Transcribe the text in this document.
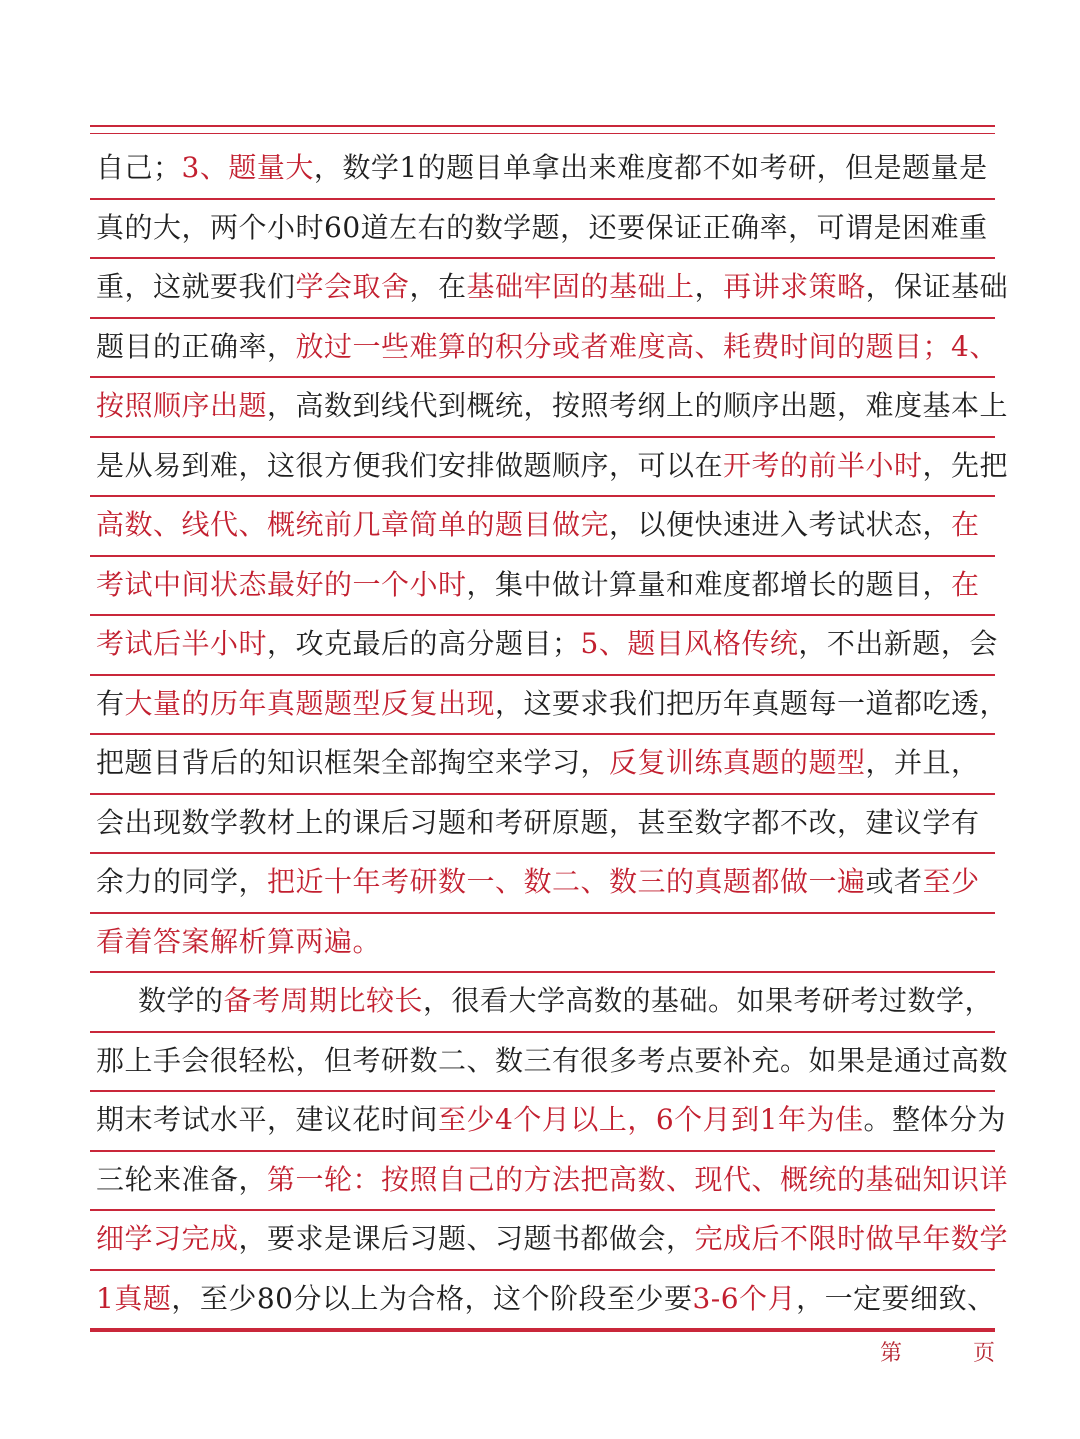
自己；3、题量大，数学1的题目单拿出来难度都不如考研，但是题量是
真的大，两个小时60道左右的数学题，还要保证正确率，可谓是困难重
重，这就要我们学会取舍，在基础牢固的基础上，再讲求策略，保证基础
题目的正确率，放过一些难算的积分或者难度高、耗费时间的题目；4、
按照顺序出题，高数到线代到概统，按照考纲上的顺序出题，难度基本上
是从易到难，这很方便我们安排做题顺序，可以在开考的前半小时，先把
高数、线代、概统前几章简单的题目做完，以便快速进入考试状态，在
考试中间状态最好的一个小时，集中做计算量和难度都增长的题目，在
考试后半小时，攻克最后的高分题目；5、题目风格传统，不出新题，会
有大量的历年真题题型反复出现，这要求我们把历年真题每一道都吃透，
把题目背后的知识框架全部掏空来学习，反复训练真题的题型，并且，
会出现数学教材上的课后习题和考研原题，甚至数字都不改，建议学有
余力的同学，把近十年考研数一、数二、数三的真题都做一遍或者至少
看着答案解析算两遍。
数学的备考周期比较长，很看大学高数的基础。如果考研考过数学，
那上手会很轻松，但考研数二、数三有很多考点要补充。如果是通过高数
期末考试水平，建议花时间至少4个月以上，6个月到1年为佳。整体分为
三轮来准备，第一轮：按照自己的方法把高数、现代、概统的基础知识详
细学习完成，要求是课后习题、习题书都做会，完成后不限时做早年数学
1真题，至少80分以上为合格，这个阶段至少要3-6个月，一定要细致、
第	页
